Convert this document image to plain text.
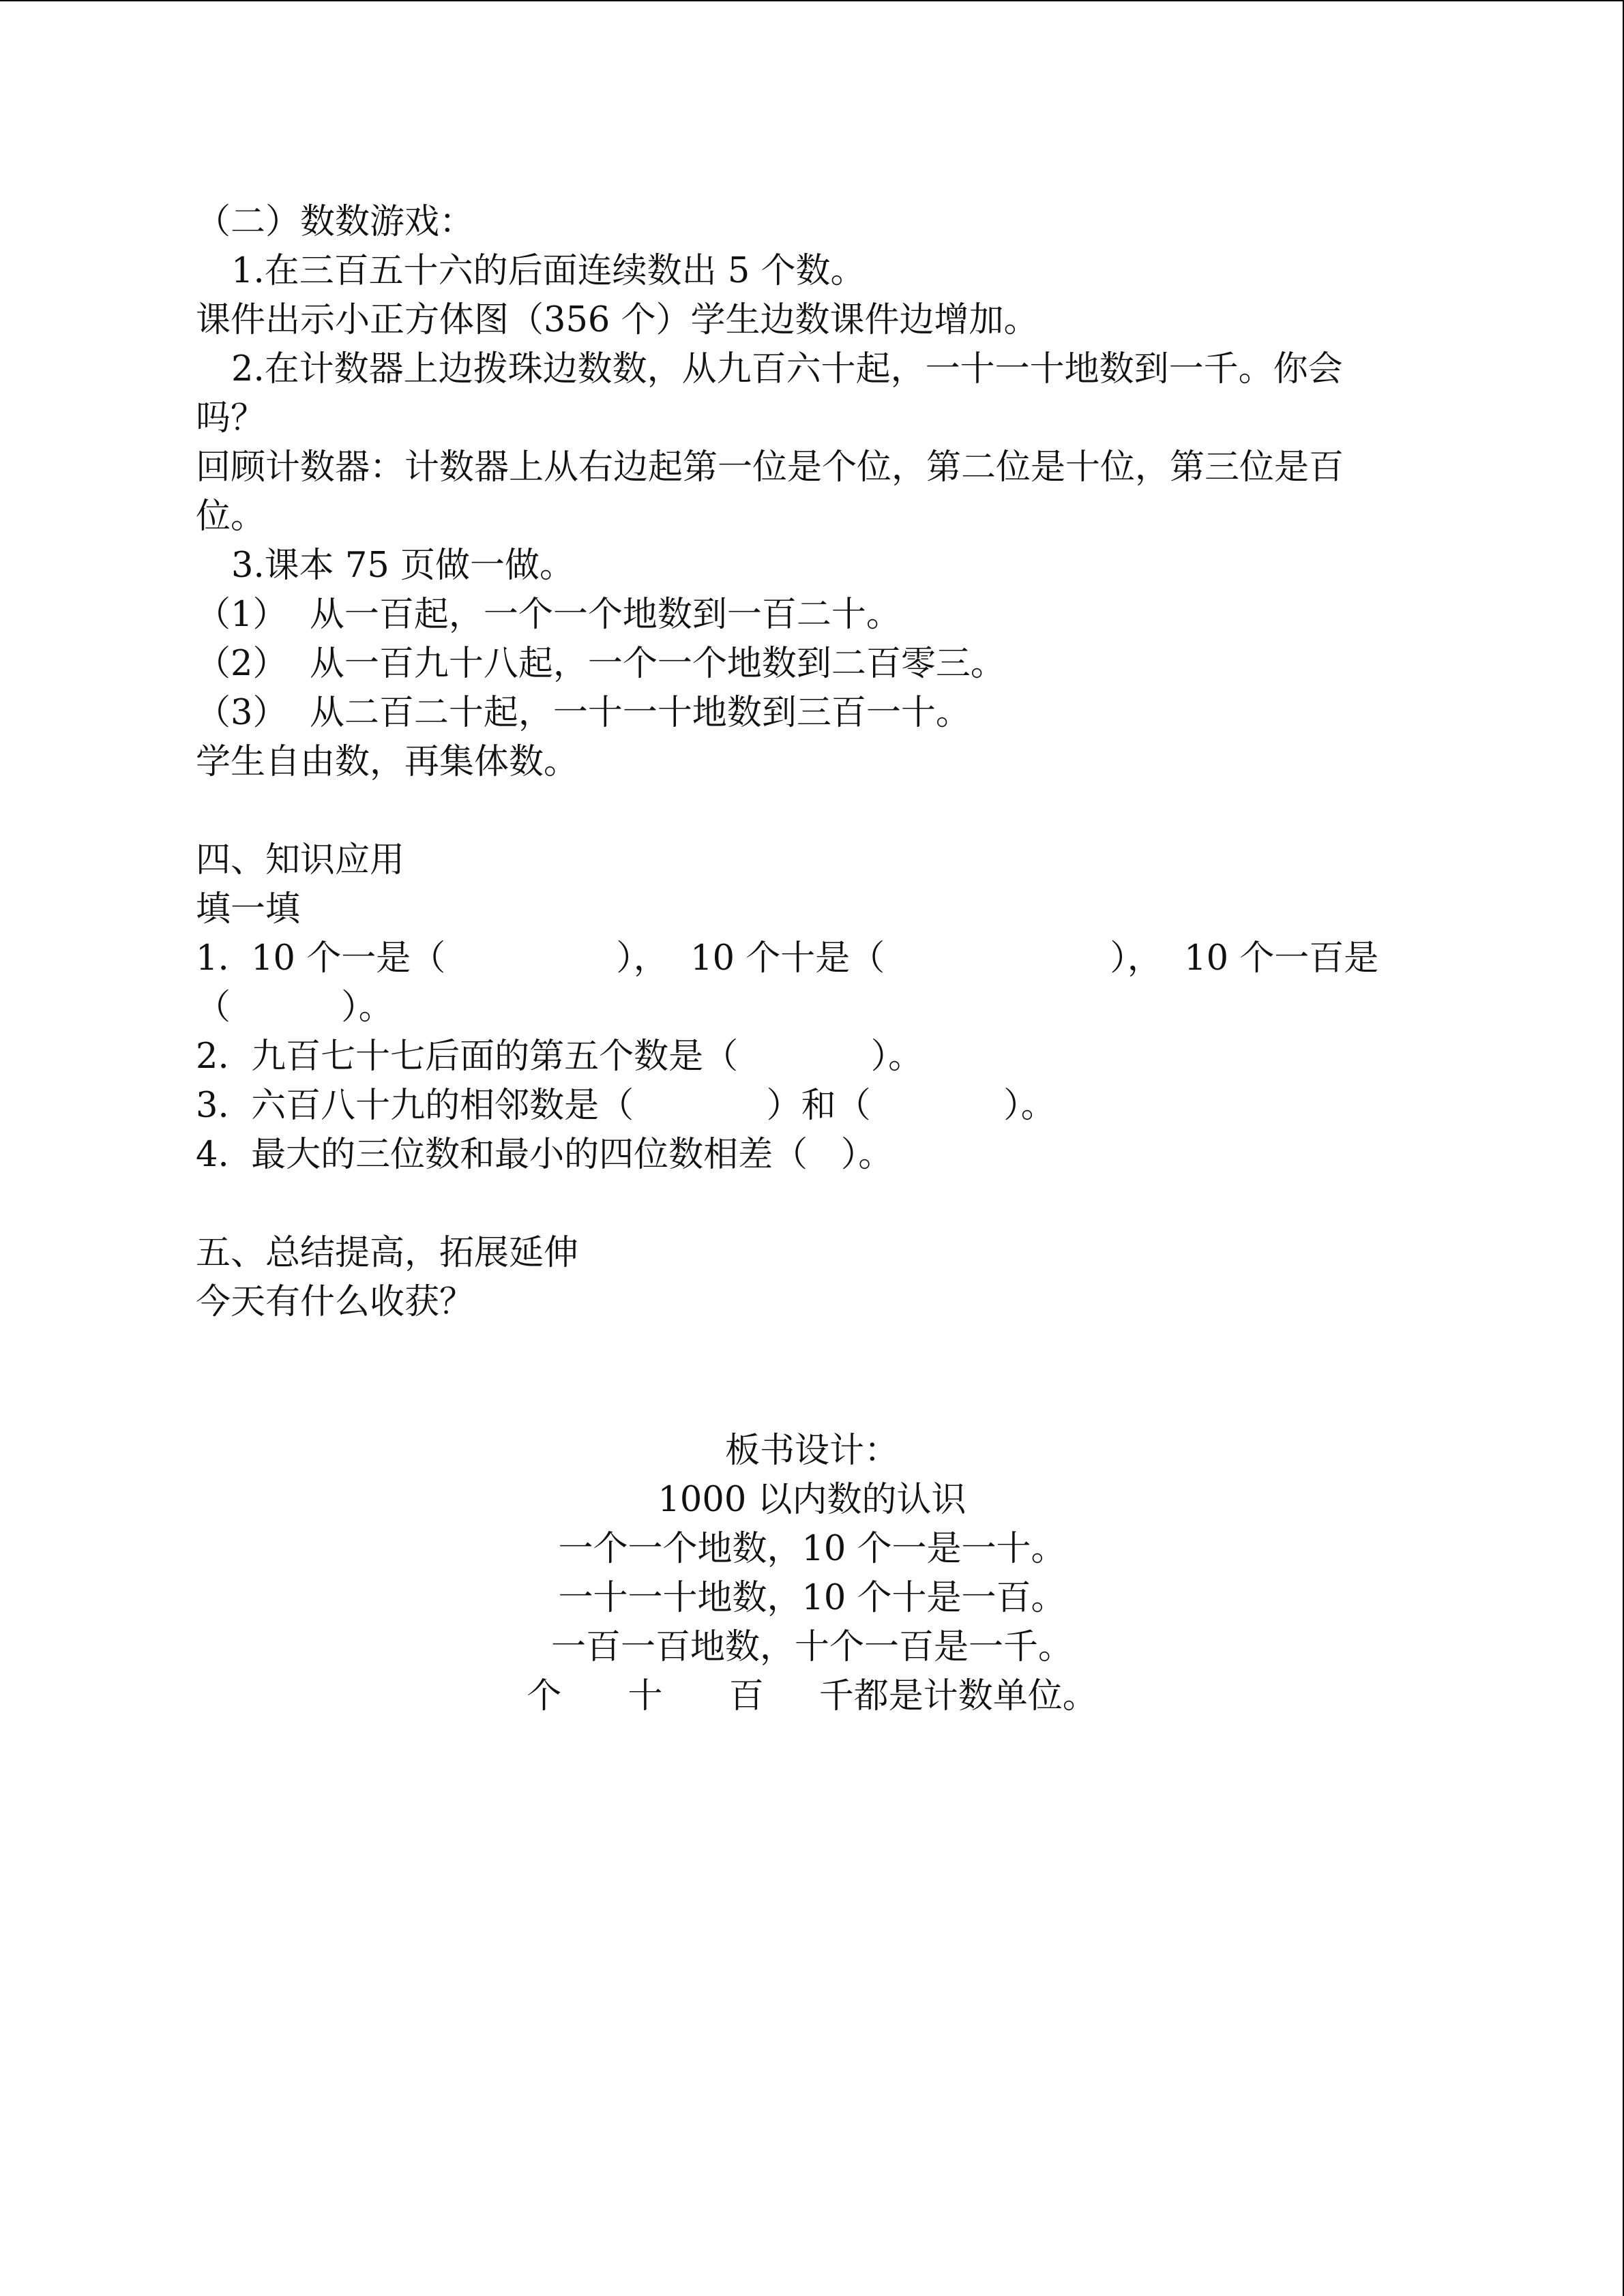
（二）数数游戏：

1.在三百五十六的后面连续数出 5 个数。

课件出示小正方体图（356 个）学生边数课件边增加。

2.在计数器上边拨珠边数数，从九百六十起，一十一十地数到一千。你会

吗？

回顾计数器：计数器上从右边起第一位是个位，第二位是十位，第三位是百

位。

3.课本 75 页做一做。

（1）  从一百起，一个一个地数到一百二十。

（2）  从一百九十八起，一个一个地数到二百零三。

（3）  从二百二十起，一十一十地数到三百一十。

学生自由数，再集体数。

四、知识应用

填一填

1.  10 个一是（	），  10 个十是（	），  10 个一百是

（          ）。

2.  九百七十七后面的第五个数是（            ）。

3.  六百八十九的相邻数是（            ）和（            ）。

4.  最大的三位数和最小的四位数相差（   ）。

五、总结提高，拓展延伸

今天有什么收获？

板书设计：
1000 以内数的认识
一个一个地数，10 个一是一十。
一十一十地数，10 个十是一百。
一百一百地数，十个一百是一千。
个      十      百     千都是计数单位。
